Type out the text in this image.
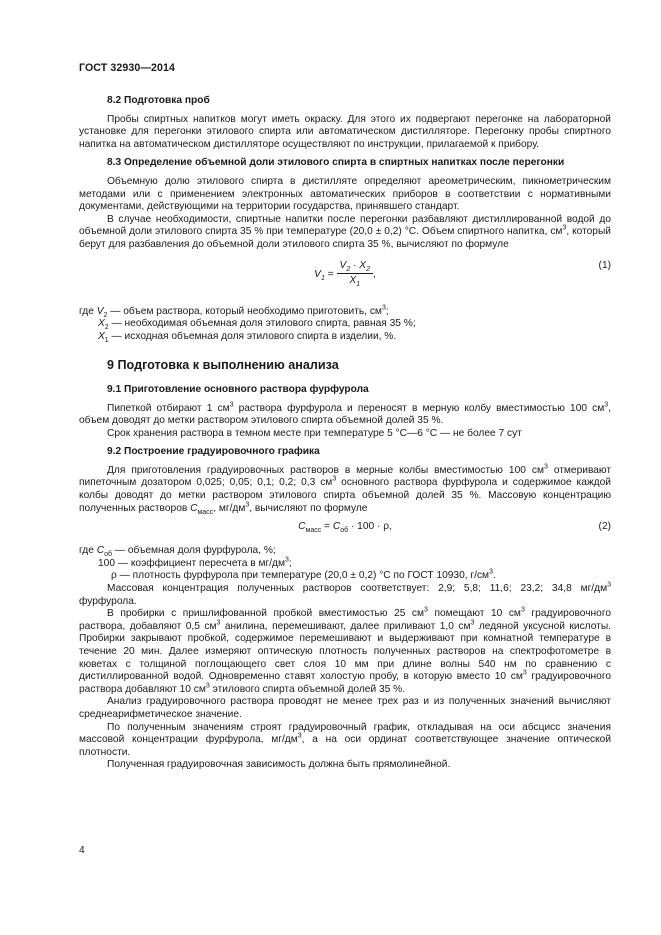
ГОСТ 32930—2014
8.2 Подготовка проб

Пробы спиртных напитков могут иметь окраску. Для этого их подвергают перегонке на лабораторной установке для перегонки этилового спирта или автоматическом дистилляторе. Перегонку пробы спиртного напитка на автоматическом дистилляторе осуществляют по инструкции, прилагаемой к прибору.

8.3 Определение объемной доли этилового спирта в спиртных напитках после перегонки

Объемную долю этилового спирта в дистилляте определяют ареометрическим, пикнометрическим методами или с применением электронных автоматических приборов в соответствии с нормативными документами, действующими на территории государства, принявшего стандарт.

В случае необходимости, спиртные напитки после перегонки разбавляют дистиллированной водой до объемной доли этилового спирта 35 % при температуре (20,0 ± 0,2) °С. Объем спиртного напитка, $см^3$, который берут для разбавления до объемной доли этилового спирта 35 %, вычисляют по формуле

$V_1 = \frac{V_2 \cdot X_2}{X_1}$ ,
(1)
где $V_2$ — объем раствора, который необходимо приготовить, $см^3$;
$X_2$ — необходимая объемная доля этилового спирта, равная 35 %;
$X_1$ — исходная объемная доля этилового спирта в изделии, %.
9 Подготовка к выполнению анализа
9.1 Приготовление основного раствора фурфурола

Пипеткой отбирают 1 $см^3$ раствора фурфурола и переносят в мерную колбу вместимостью 100 $см^3$, объем доводят до метки раствором этилового спирта объемной долей 35 %.

Срок хранения раствора в темном месте при температуре 5 °С—6 °С — не более 7 сут

9.2 Построение градуировочного графика

Для приготовления градуировочных растворов в мерные колбы вместимостью 100 $см^3$ отмеривают пипеточным дозатором 0,025; 0,05; 0,1; 0,2; 0,3 $см^3$ основного раствора фурфурола и содержимое каждой колбы доводят до метки раствором этилового спирта объемной долей 35 %. Массовую концентрацию полученных растворов $С_{масс}$, $мг/дм^3$, вычисляют по формуле

$C_{масс} = C_{об} \cdot 100 \cdot \rho$,	(2)
где $С_{об}$ — объемная доля фурфурола, %;
100 — коэффициент пересчета в $мг/дм^3$;
ρ — плотность фурфурола при температуре (20,0 ± 0,2) °С по ГОСТ 10930, $г/см^3$.

Массовая концентрация полученных растворов соответствует: 2,9; 5,8; 11,6; 23,2; 34,8 $мг/дм^3$ фурфурола.

В пробирки с пришлифованной пробкой вместимостью 25 $см^3$ помещают 10 $см^3$ градуировочного раствора, добавляют 0,5 $см^3$ анилина, перемешивают, далее приливают 1,0 $см^3$ ледяной уксусной кислоты. Пробирки закрывают пробкой, содержимое перемешивают и выдерживают при комнатной температуре в течение 20 мин. Далее измеряют оптическую плотность полученных растворов на спектрофотометре в кюветах с толщиной поглощающего свет слоя 10 мм при длине волны 540 нм по сравнению с дистиллированной водой. Одновременно ставят холостую пробу, в которую вместо 10 $см^3$ градуировочного раствора добавляют 10 $см^3$ этилового спирта объемной долей 35 %.

Анализ градуировочного раствора проводят не менее трех раз и из полученных значений вычисляют среднеарифметическое значение.

По полученным значениям строят градуировочный график, откладывая на оси абсцисс значения массовой концентрации фурфурола, $мг/дм^3$, а на оси ординат соответствующее значение оптической плотности.

Полученная градуировочная зависимость должна быть прямолинейной.

4
